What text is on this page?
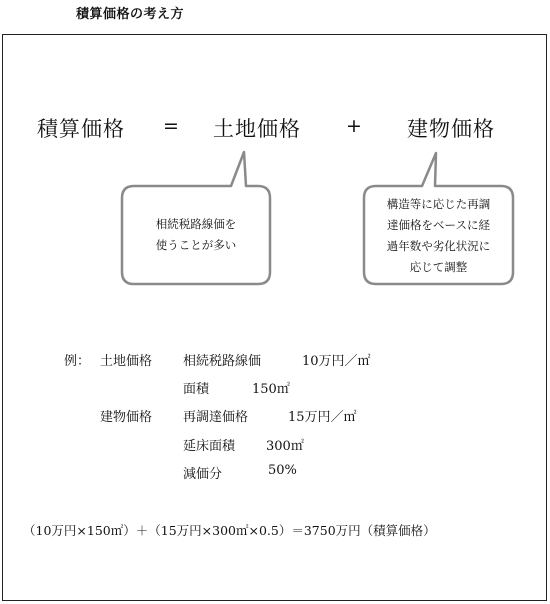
積算価格の考え方
積算価格 = 土地価格 + 建物価格
相続税路線価を
使うことが多い
構造等に応じた再調
達価格をベースに経
過年数や劣化状況に
応じて調整
例： 土地価格 相続税路線価	10万円／㎡
面積	150㎡
建物価格 再調達価格	15万円／㎡
延床面積 300㎡
減価分	50%
（10万円×150㎡）＋（15万円×300㎡×0.5）＝3750万円（積算価格）
